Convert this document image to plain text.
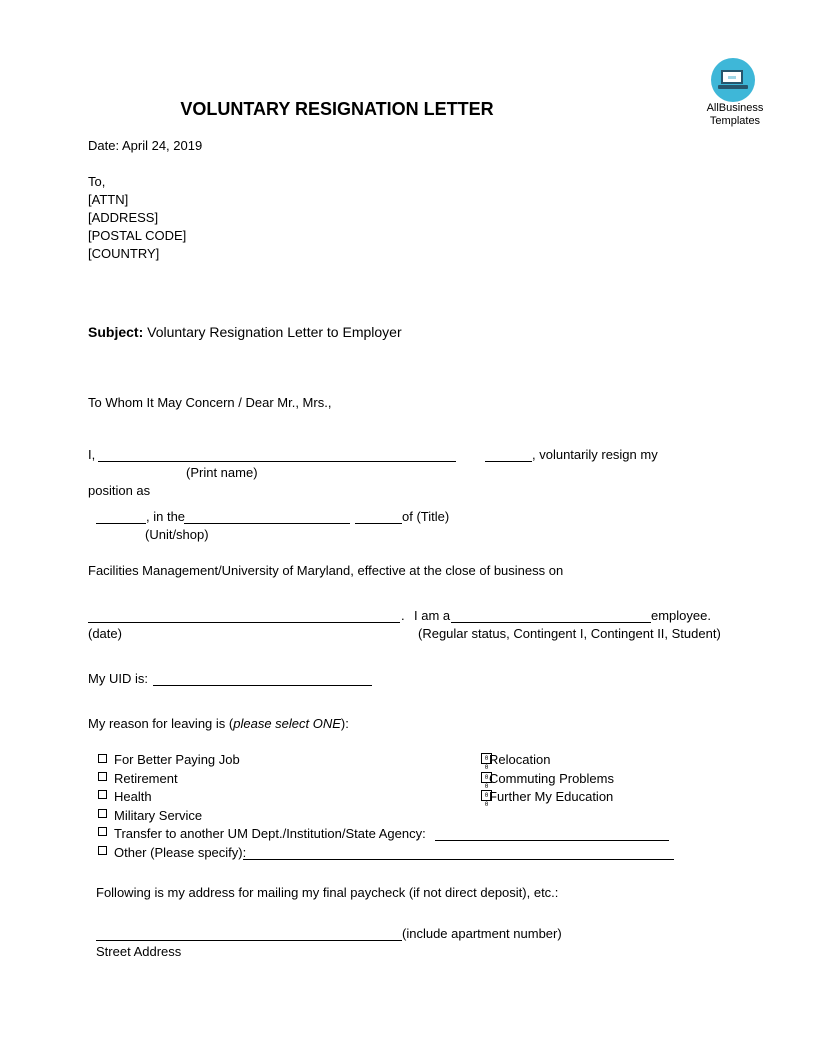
VOLUNTARY RESIGNATION LETTER	AllBusiness
Templates
Date: April 24, 2019
To,
[ATTN]
[ADDRESS]
[POSTAL CODE]
[COUNTRY]
Subject: Voluntary Resignation Letter to Employer
To Whom It May Concern / Dear Mr., Mrs.,
I,	, voluntarily resign my
(Print name)
position as
, in the	of (Title)
(Unit/shop)
Facilities Management/University of Maryland, effective at the close of business on
. I am a	employee.
(date)	(Regular status, Contingent I, Contingent II, Student)
My UID is:
My reason for leaving is (please select ONE):
For Better Paying Job
Retirement
Health
Military Service
Transfer to another UM Dept./Institution/State Agency:
Other (Please specify):
0 0
Relocation
0 0
Commuting Problems
0 0
Further My Education
Following is my address for mailing my final paycheck (if not direct deposit), etc.:
(include apartment number)
Street Address
